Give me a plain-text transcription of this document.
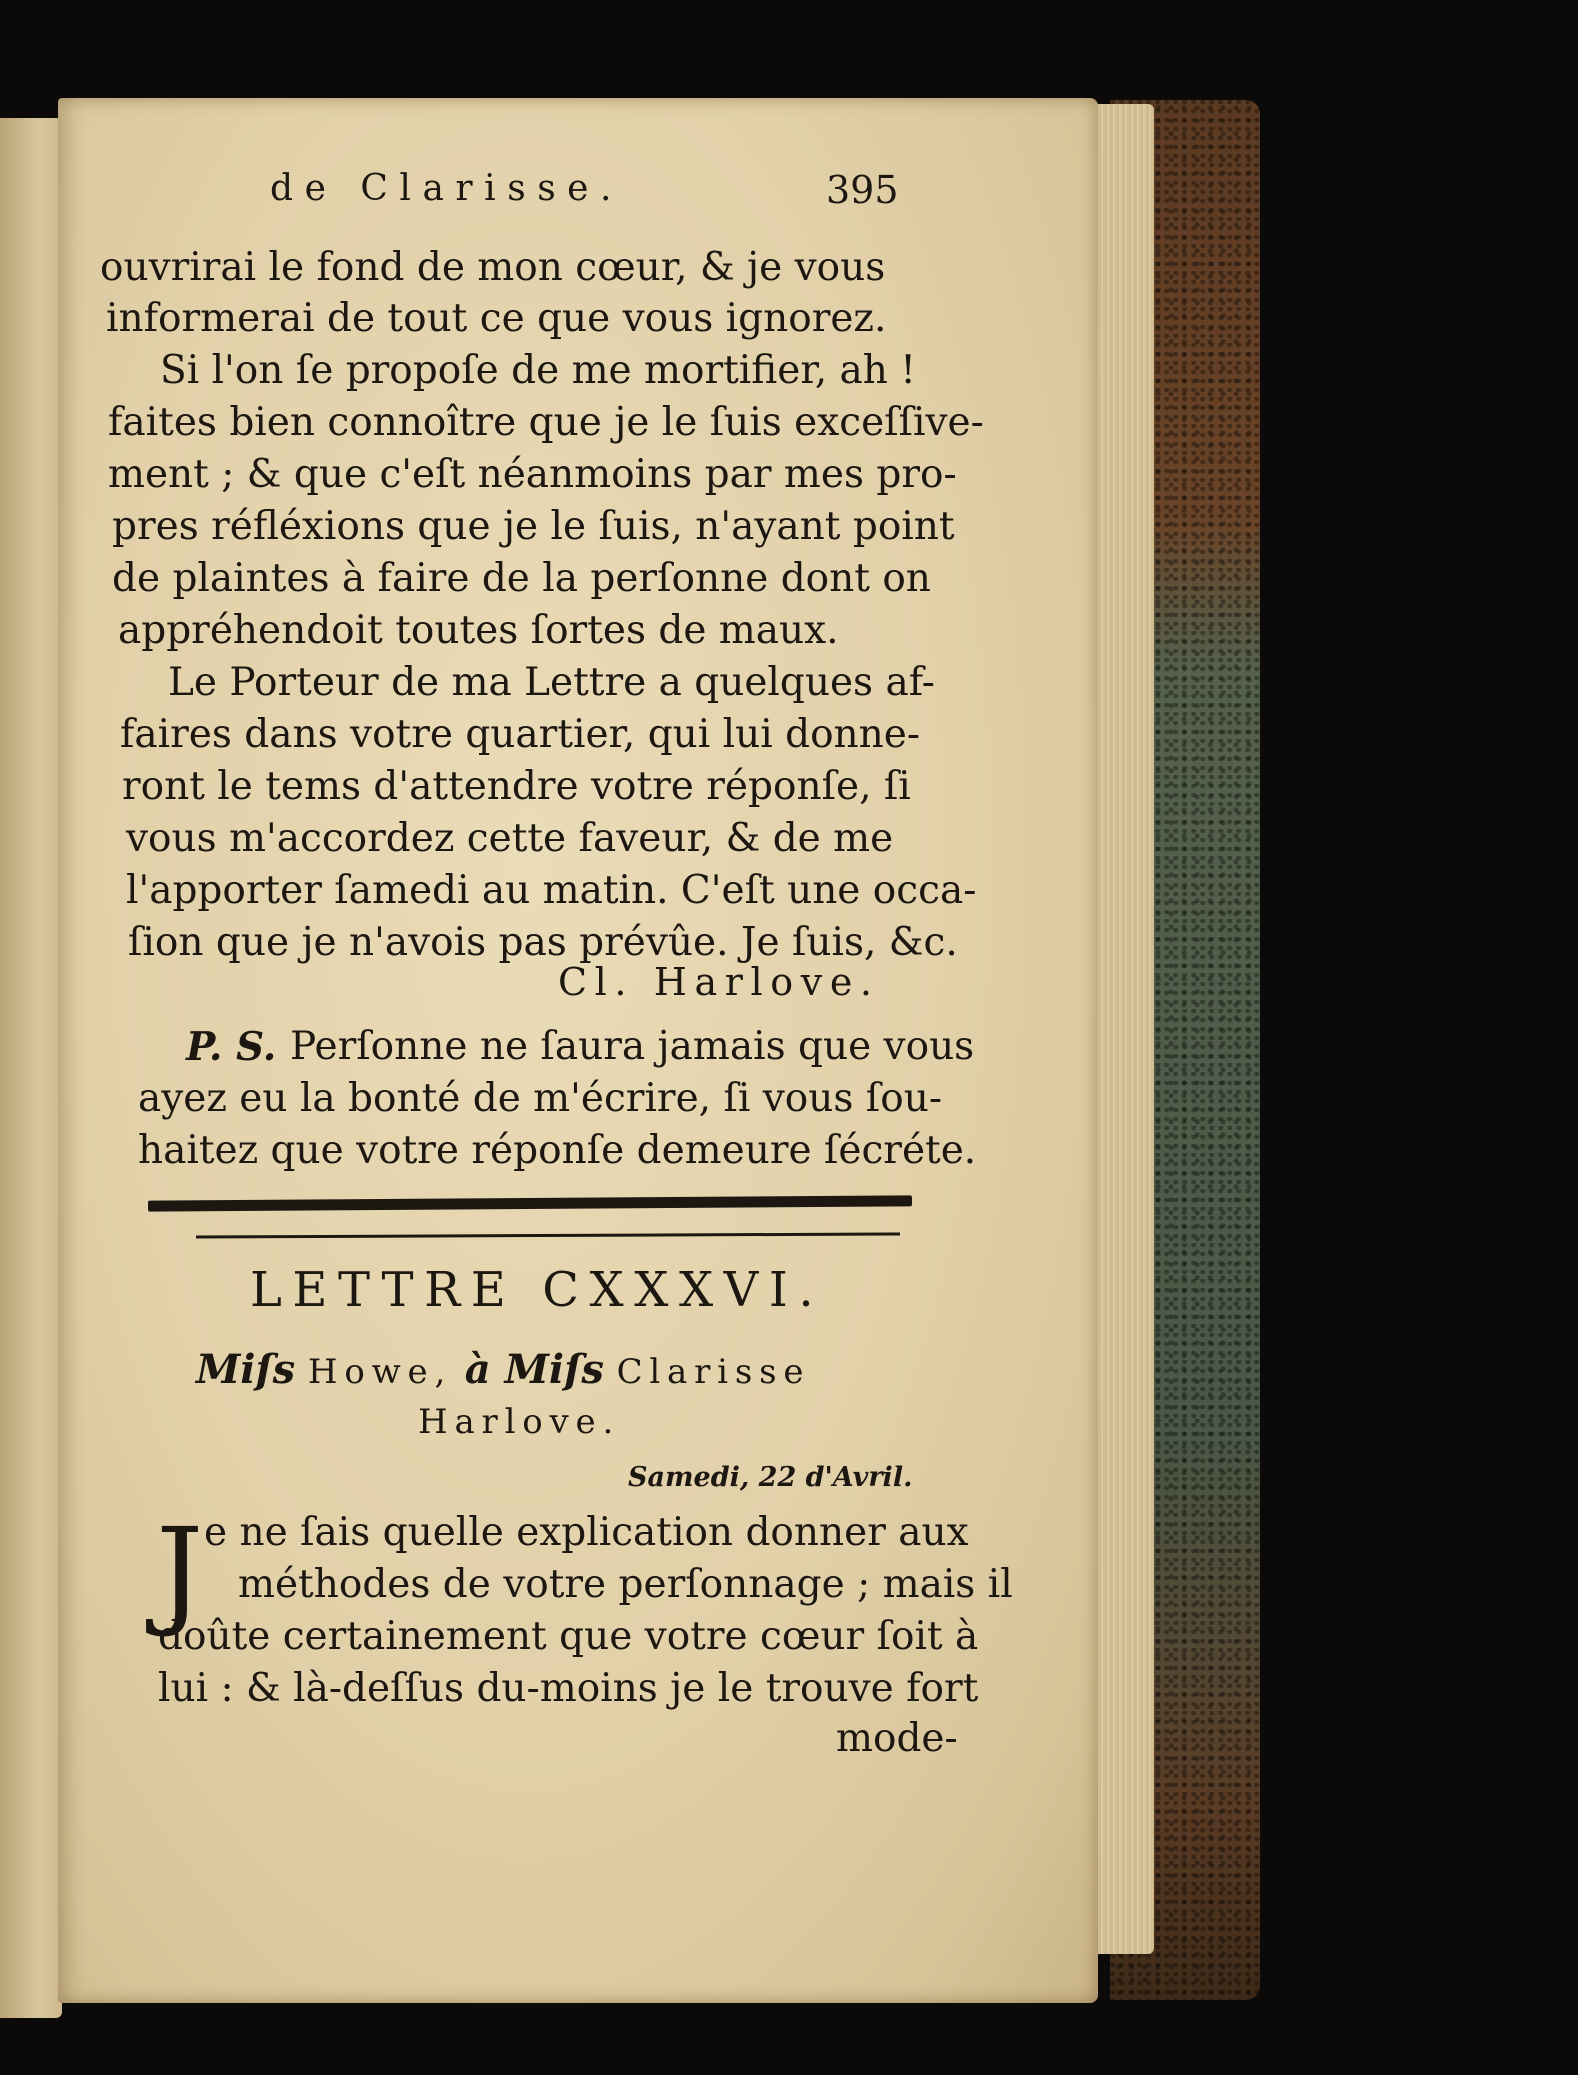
de Clarisse.	395
ouvrirai le fond de mon cœur, & je vous
informerai de tout ce que vous ignorez.
Si l'on ſe propoſe de me mortifier, ah !
faites bien connoître que je le ſuis exceſſive-
ment ; & que c'eſt néanmoins par mes pro-
pres réfléxions que je le ſuis, n'ayant point
de plaintes à faire de la perſonne dont on
appréhendoit toutes ſortes de maux.
Le Porteur de ma Lettre a quelques af-
faires dans votre quartier, qui lui donne-
ront le tems d'attendre votre réponſe, ſi
vous m'accordez cette faveur, & de me
l'apporter ſamedi au matin. C'eſt une occa-
ſion que je n'avois pas prévûe. Je ſuis, &c.
Cl. Harlove.
P. S. Perſonne ne ſaura jamais que vous
ayez eu la bonté de m'écrire, ſi vous ſou-
haitez que votre réponſe demeure ſécréte.
LETTRE CXXXVI.
Miſs Howe, à Miſs Clarisse
Harlove.
Samedi, 22 d'Avril.
J e ne ſais quelle explication donner aux
méthodes de votre perſonnage ; mais il
doûte certainement que votre cœur ſoit à
lui : & là-deſſus du-moins je le trouve fort
mode-
